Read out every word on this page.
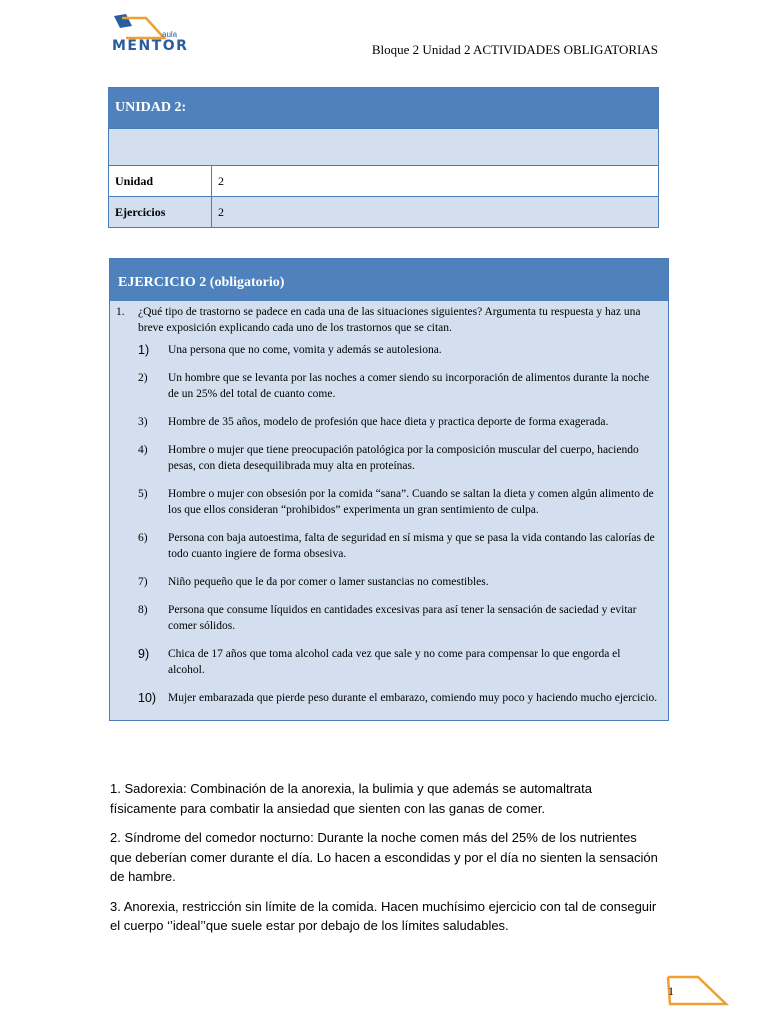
aula
MENTOR	Bloque 2 Unidad 2 ACTIVIDADES OBLIGATORIAS
UNIDAD 2:	

Unidad	2
Ejercicios	2
EJERCICIO 2 (obligatorio)
1.	¿Qué tipo de trastorno se padece en cada una de las situaciones siguientes? Argumenta tu respuesta y haz una breve exposición explicando cada uno de los trastornos que se citan.
1)	Una persona que no come, vomita y además se autolesiona.
2)	Un hombre que se levanta por las noches a comer siendo su incorporación de alimentos durante la noche de un 25% del total de cuanto come.
3)	Hombre de 35 años, modelo de profesión que hace dieta y practica deporte de forma exagerada.
4)	Hombre o mujer que tiene preocupación patológica por la composición muscular del cuerpo, haciendo pesas, con dieta desequilibrada muy alta en proteínas.
5)	Hombre o mujer con obsesión por la comida “sana”. Cuando se saltan la dieta y comen algún alimento de los que ellos consideran “prohibidos” experimenta un gran sentimiento de culpa.
6)	Persona con baja autoestima, falta de seguridad en sí misma y que se pasa la vida contando las calorías de todo cuanto ingiere de forma obsesiva.
7)	Niño pequeño que le da por comer o lamer sustancias no comestibles.
8)	Persona que consume líquidos en cantidades excesivas para así tener la sensación de saciedad y evitar comer sólidos.
9)	Chica de 17 años que toma alcohol cada vez que sale y no come para compensar lo que engorda el alcohol.
10)	Mujer embarazada que pierde peso durante el embarazo, comiendo muy poco y haciendo mucho ejercicio.

1. Sadorexia: Combinación de la anorexia, la bulimia y que además se automaltrata físicamente para combatir la ansiedad que sienten con las ganas de comer.

2. Síndrome del comedor nocturno: Durante la noche comen más del 25% de los nutrientes que deberían comer durante el día. Lo hacen a escondidas y por el día no sienten la sensación de hambre.

3. Anorexia, restricción sin límite de la comida. Hacen muchísimo ejercicio con tal de conseguir el cuerpo ‘’ideal’’que suele estar por debajo de los límites saludables.

1
